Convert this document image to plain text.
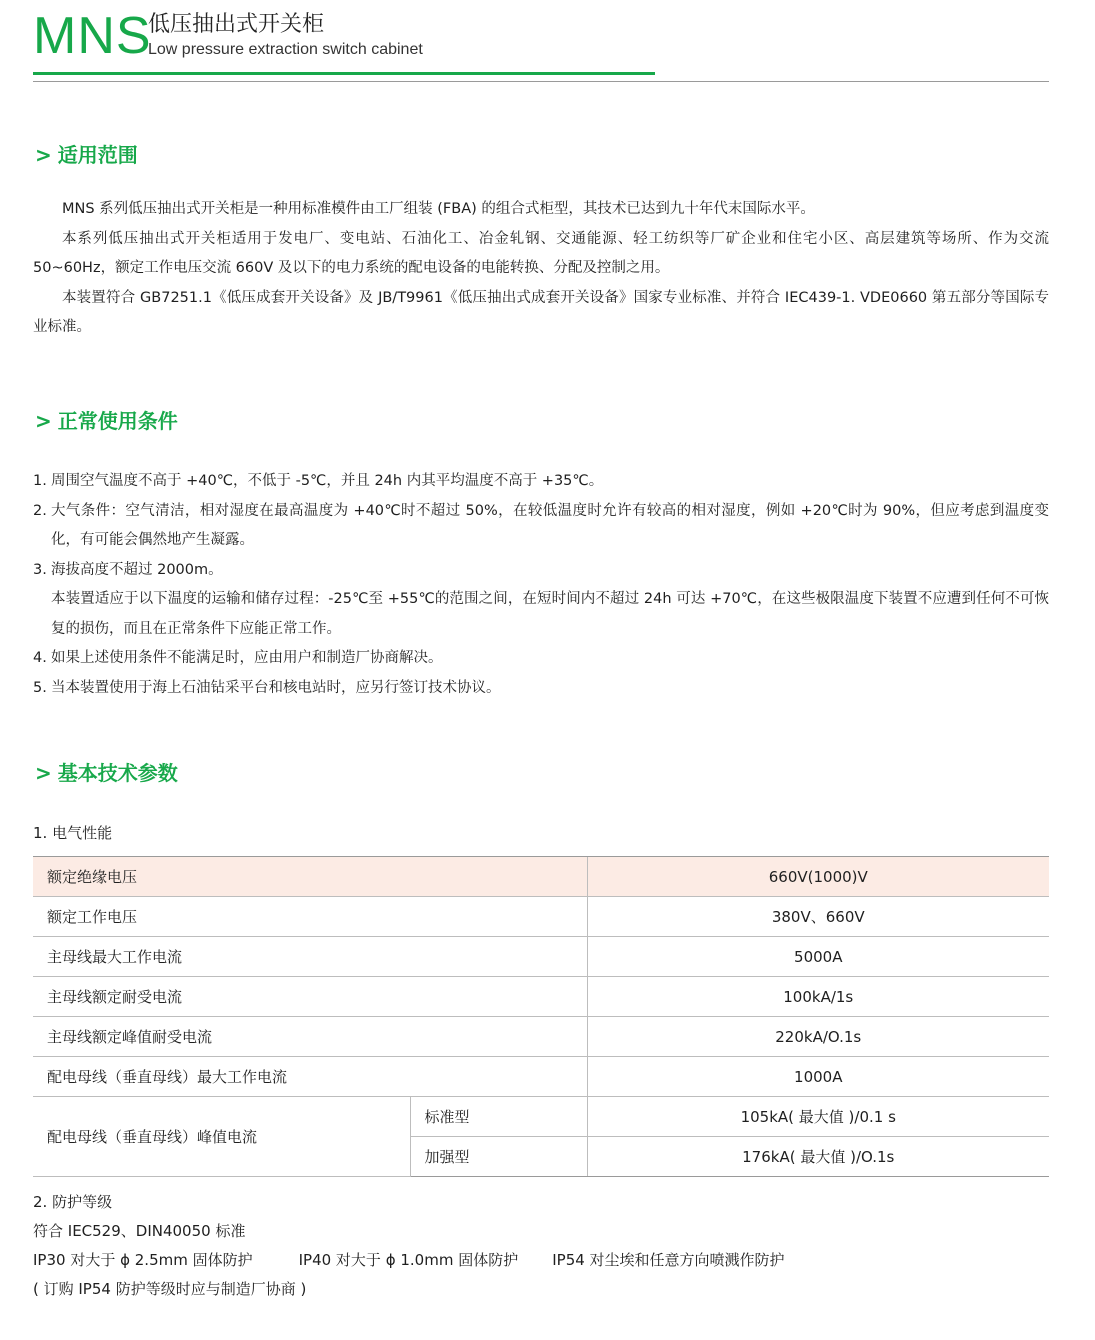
MNS
低压抽出式开关柜
Low pressure extraction switch cabinet
> 适用范围

MNS 系列低压抽出式开关柜是一种用标准模件由工厂组装 (FBA) 的组合式柜型，其技术已达到九十年代末国际水平。

本系列低压抽出式开关柜适用于发电厂、变电站、石油化工、冶金轧钢、交通能源、轻工纺织等厂矿企业和住宅小区、高层建筑等场所、作为交流 50~60Hz，额定工作电压交流 660V 及以下的电力系统的配电设备的电能转换、分配及控制之用。

本装置符合 GB7251.1《低压成套开关设备》及 JB/T9961《低压抽出式成套开关设备》国家专业标准、并符合 IEC439-1. VDE0660 第五部分等国际专业标准。

> 正常使用条件
1. 周围空气温度不高于 +40℃，不低于 -5℃，并且 24h 内其平均温度不高于 +35℃。
2. 大气条件：空气清洁，相对湿度在最高温度为 +40℃时不超过 50%，在较低温度时允许有较高的相对湿度，例如 +20℃时为 90%，但应考虑到温度变化，有可能会偶然地产生凝露。
3. 海拔高度不超过 2000m。
本装置适应于以下温度的运输和储存过程：-25℃至 +55℃的范围之间，在短时间内不超过 24h 可达 +70℃，在这些极限温度下装置不应遭到任何不可恢复的损伤，而且在正常条件下应能正常工作。
4. 如果上述使用条件不能满足时，应由用户和制造厂协商解决。
5. 当本装置使用于海上石油钻采平台和核电站时，应另行签订技术协议。
> 基本技术参数
1. 电气性能
额定绝缘电压		660V(1000)V
额定工作电压		380V、660V
主母线最大工作电流		5000A
主母线额定耐受电流		100kA/1s
主母线额定峰值耐受电流		220kA/O.1s
配电母线（垂直母线）最大工作电流		1000A
配电母线（垂直母线）峰值电流	标准型	105kA( 最大值 )/0.1 s
	加强型	176kA( 最大值 )/O.1s
2. 防护等级
符合 IEC529、DIN40050 标准
IP30 对大于 ϕ 2.5mm 固体防护	IP40 对大于 ϕ 1.0mm 固体防护 IP54 对尘埃和任意方向喷溅作防护
( 订购 IP54 防护等级时应与制造厂协商 )
